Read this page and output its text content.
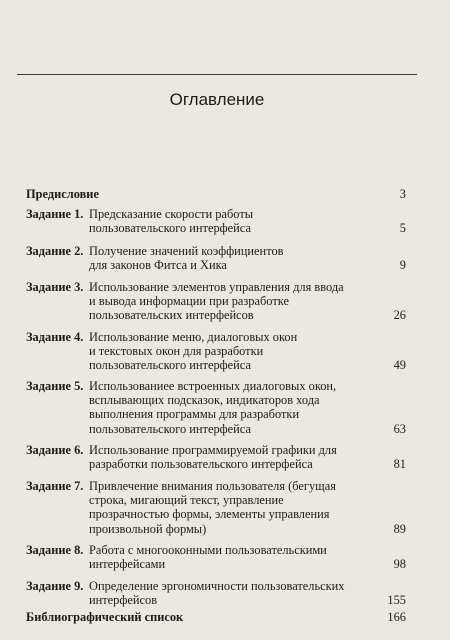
Оглавление
Предисловие	3
Задание 1. Предсказание скорости работы
пользовательского интерфейса	5
Задание 2. Получение значений коэффициентов
для законов Фитса и Хика	9
Задание 3. Использование элементов управления для ввода
и вывода информации при разработке
пользовательских интерфейсов	26
Задание 4. Использование меню, диалоговых окон
и текстовых окон для разработки
пользовательского интерфейса	49
Задание 5. Использованиее встроенных диалоговых окон,
всплывающих подсказок, индикаторов хода
выполнения программы для разработки
пользовательского интерфейса	63
Задание 6. Использование программируемой графики для
разработки пользовательского интерфейса	81
Задание 7. Привлечение внимания пользователя (бегущая
строка, мигающий текст, управление
прозрачностью формы, элементы управления
произвольной формы)	89
Задание 8. Работа с многооконными пользовательскими
интерфейсами	98
Задание 9. Определение эргономичности пользовательских
интерфейсов	155
Библиографический список	166
